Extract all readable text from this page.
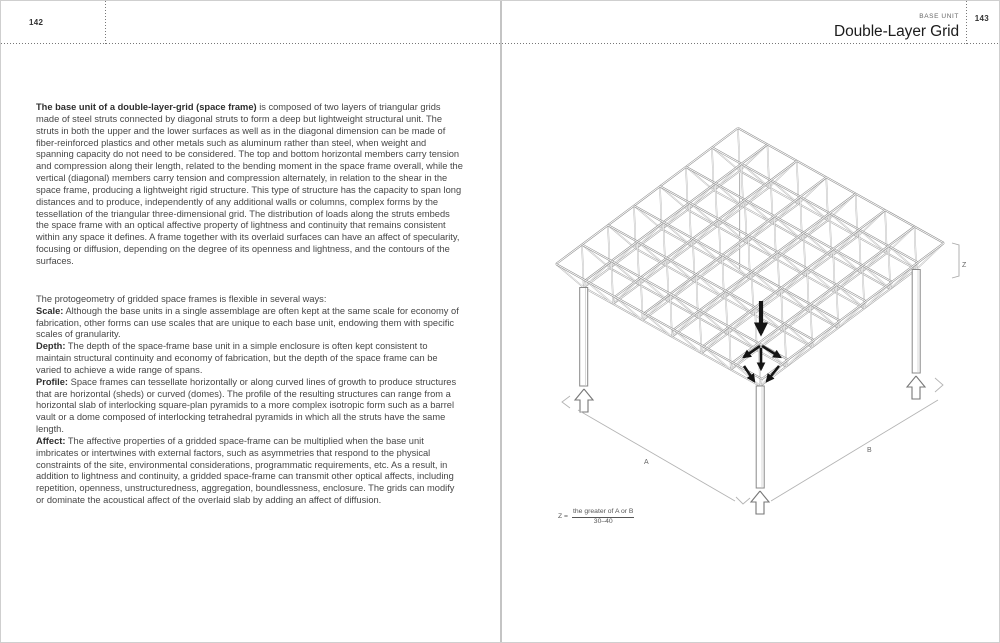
142

The base unit of a double-layer-grid (space frame) is composed of two layers of triangular grids made of steel struts connected by diagonal struts to form a deep but lightweight structural unit. The struts in both the upper and the lower surfaces as well as in the diagonal dimension can be made of fiber-reinforced plastics and other metals such as aluminum rather than steel, when weight and spanning capacity do not need to be considered. The top and bottom horizontal members carry tension and compression along their length, related to the bending moment in the space frame overall, while the vertical (diagonal) members carry tension and compression alternately, in relation to the shear in the space frame, producing a lightweight rigid structure. This type of structure has the capacity to span long distances and to produce, independently of any additional walls or columns, complex forms by the tessellation of the triangular three-dimensional grid. The distribution of loads along the struts embeds the space frame with an optical affective property of lightness and continuity that remains consistent within any space it defines. A frame together with its overlaid surfaces can have an affect of specularity, focusing or diffusion, depending on the degree of its openness and lightness, and the contours of the surfaces.

The protogeometry of gridded space frames is flexible in several ways:

Scale: Although the base units in a single assemblage are often kept at the same scale for economy of fabrication, other forms can use scales that are unique to each base unit, endowing them with specific scales of granularity.

Depth: The depth of the space-frame base unit in a simple enclosure is often kept consistent to maintain structural continuity and economy of fabrication, but the depth of the space frame can be varied to achieve a wide range of spans.

Profile: Space frames can tessellate horizontally or along curved lines of growth to produce structures that are horizontal (sheds) or curved (domes). The profile of the resulting structures can range from a horizontal slab of interlocking square-plan pyramids to a more complex isotropic form such as a barrel vault or a dome composed of interlocking tetrahedral pyramids in which all the struts have the same length.

Affect: The affective properties of a gridded space-frame can be multiplied when the base unit imbricates or intertwines with external factors, such as asymmetries that respond to the physical constraints of the site, environmental considerations, programmatic requirements, etc. As a result, in addition to lightness and continuity, a gridded space-frame can transmit other optical affects, including repetition, openness, unstructuredness, aggregation, boundlessness, enclosure. The grids can modify or dominate the acoustical affect of the overlaid slab by adding an affect of diffusion.

BASE UNIT 143
Double-Layer Grid
A
B
Z
$Z = \frac{\text{the greater of A or B}}{30-40}$
